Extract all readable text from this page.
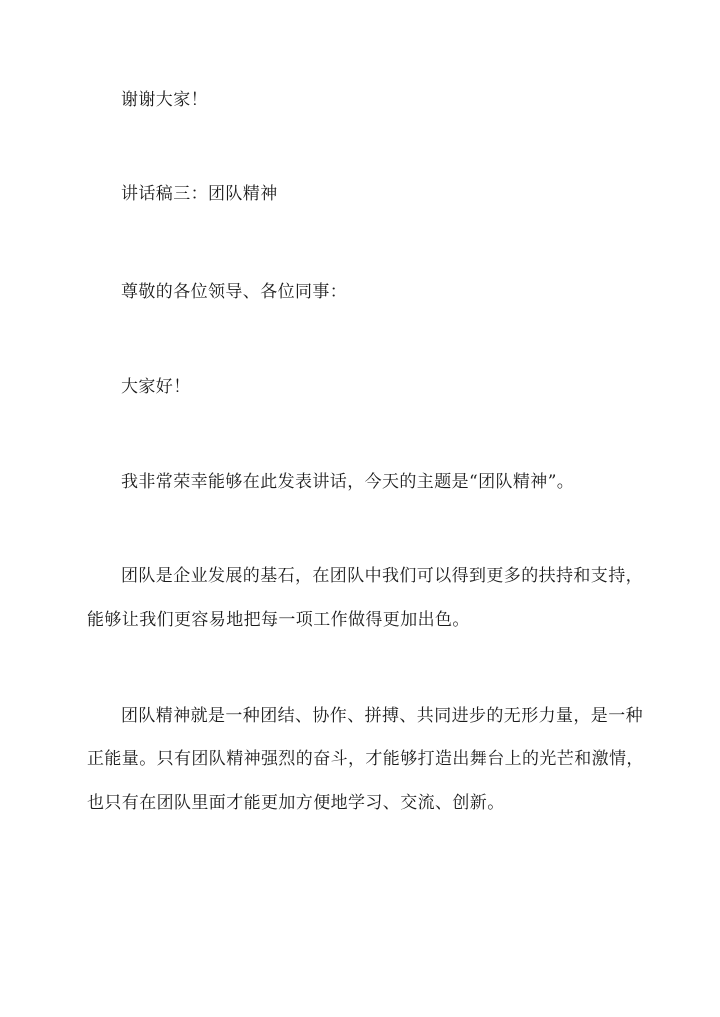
谢谢大家！
讲话稿三：团队精神
尊敬的各位领导、各位同事：
大家好！
我非常荣幸能够在此发表讲话，今天的主题是“团队精神”。
团队是企业发展的基石，在团队中我们可以得到更多的扶持和支持，
能够让我们更容易地把每一项工作做得更加出色。
团队精神就是一种团结、协作、拼搏、共同进步的无形力量，是一种
正能量。只有团队精神强烈的奋斗，才能够打造出舞台上的光芒和激情，
也只有在团队里面才能更加方便地学习、交流、创新。
